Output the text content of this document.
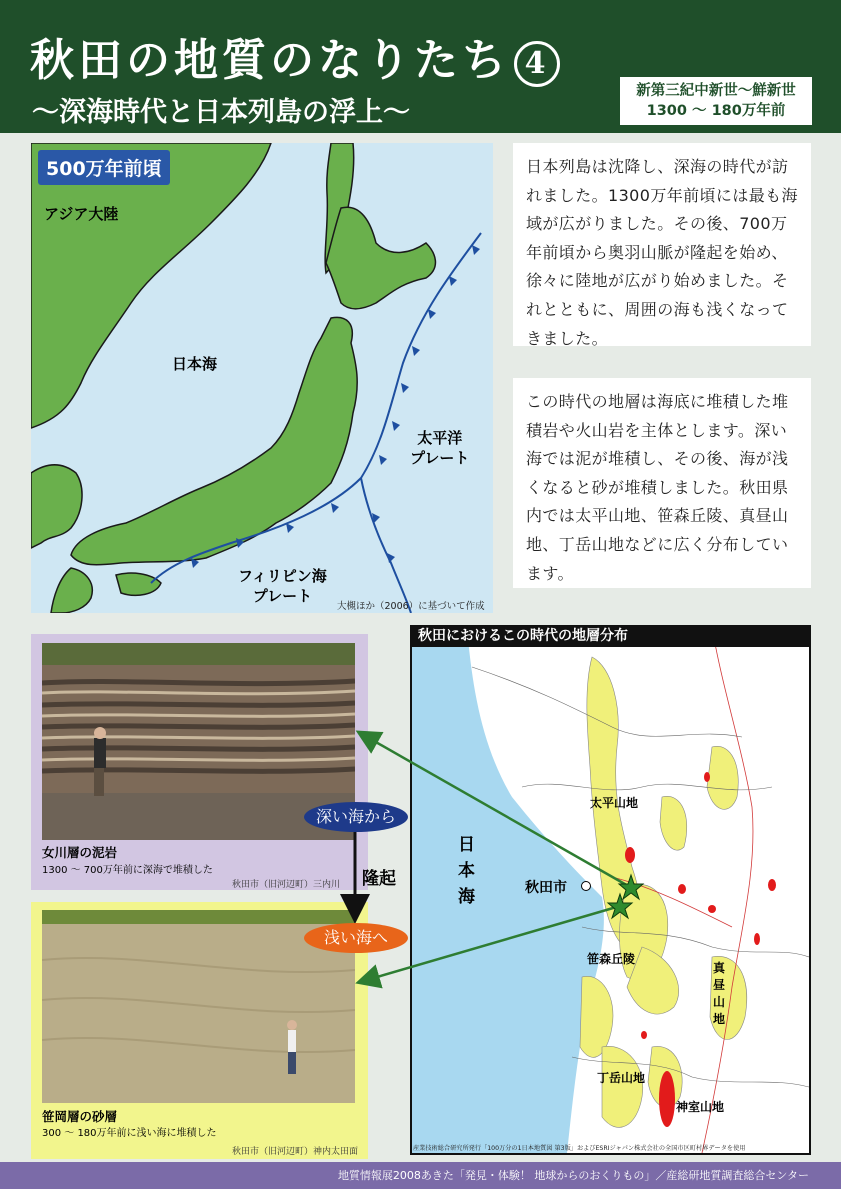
秋田の地質のなりたち 4
〜深海時代と日本列島の浮上〜
新第三紀中新世〜鮮新世
1300 〜 180万年前
500万年前頃
アジア大陸
日本海
太平洋
プレート
フィリピン海
プレート
大槻ほか（2006）に基づいて作成
日本列島は沈降し、深海の時代が訪れました。1300万年前頃には最も海域が広がりました。その後、700万年前頃から奥羽山脈が隆起を始め、徐々に陸地が広がり始めました。それとともに、周囲の海も浅くなってきました。
この時代の地層は海底に堆積した堆積岩や火山岩を主体とします。深い海では泥が堆積し、その後、海が浅くなると砂が堆積しました。秋田県内では太平山地、笹森丘陵、真昼山地、丁岳山地などに広く分布しています。
女川層の泥岩
1300 〜 700万年前に深海で堆積した
秋田市（旧河辺町）三内川
笹岡層の砂層
300 〜 180万年前に浅い海に堆積した
秋田市（旧河辺町）神内太田面
秋田におけるこの時代の地層分布
日
本
海	秋田市
太平山地
笹森丘陵
真
昼
山
地
丁岳山地
神室山地
産業技術総合研究所発行「100万分の1日本地質図 第3版」およびESRIジャパン株式会社の全国市区町村界データを使用
深い海から
浅い海へ
隆起
地質情報展2008あきた「発見・体験！ 地球からのおくりもの」／産総研地質調査総合センター
